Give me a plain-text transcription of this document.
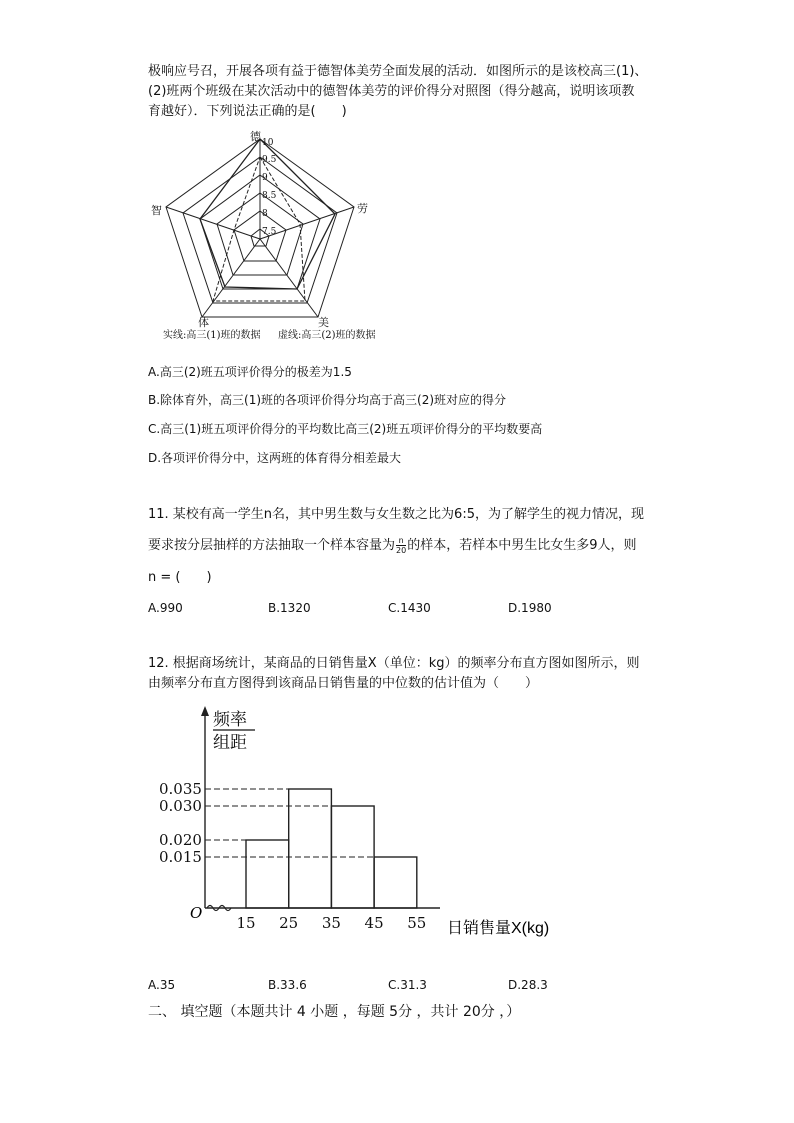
极响应号召，开展各项有益于德智体美劳全面发展的活动．如图所示的是该校高三(1)、
(2)班两个班级在某次活动中的德智体美劳的评价得分对照图（得分越高，说明该项教
育越好）．下列说法正确的是(　　)
10
9.5
9
8.5
8
7.5
德
劳
美
体
智
实线:高三(1)班的数据 虚线:高三(2)班的数据
A.高三(2)班五项评价得分的极差为1.5
B.除体育外，高三(1)班的各项评价得分均高于高三(2)班对应的得分
C.高三(1)班五项评价得分的平均数比高三(2)班五项评价得分的平均数要高
D.各项评价得分中，这两班的体育得分相差最大
11. 某校有高一学生n名，其中男生数与女生数之比为6:5，为了解学生的视力情况，现
要求按分层抽样的方法抽取一个样本容量为 $\frac{n}{20}$ 的样本，若样本中男生比女生多9人，则
n = (　　)
A.990	B.1320	C.1430	D.1980
12. 根据商场统计，某商品的日销售量X（单位：kg）的频率分布直方图如图所示，则
由频率分布直方图得到该商品日销售量的中位数的估计值为（　　）
频率
组距
O
日销售量X(kg)
0.035
0.030
0.020
0.015
15 25 35 45 55
A.35	B.33.6	C.31.3	D.28.3
二、 填空题（本题共计 4 小题 ，每题 5分 ，共计 20分 ，）
